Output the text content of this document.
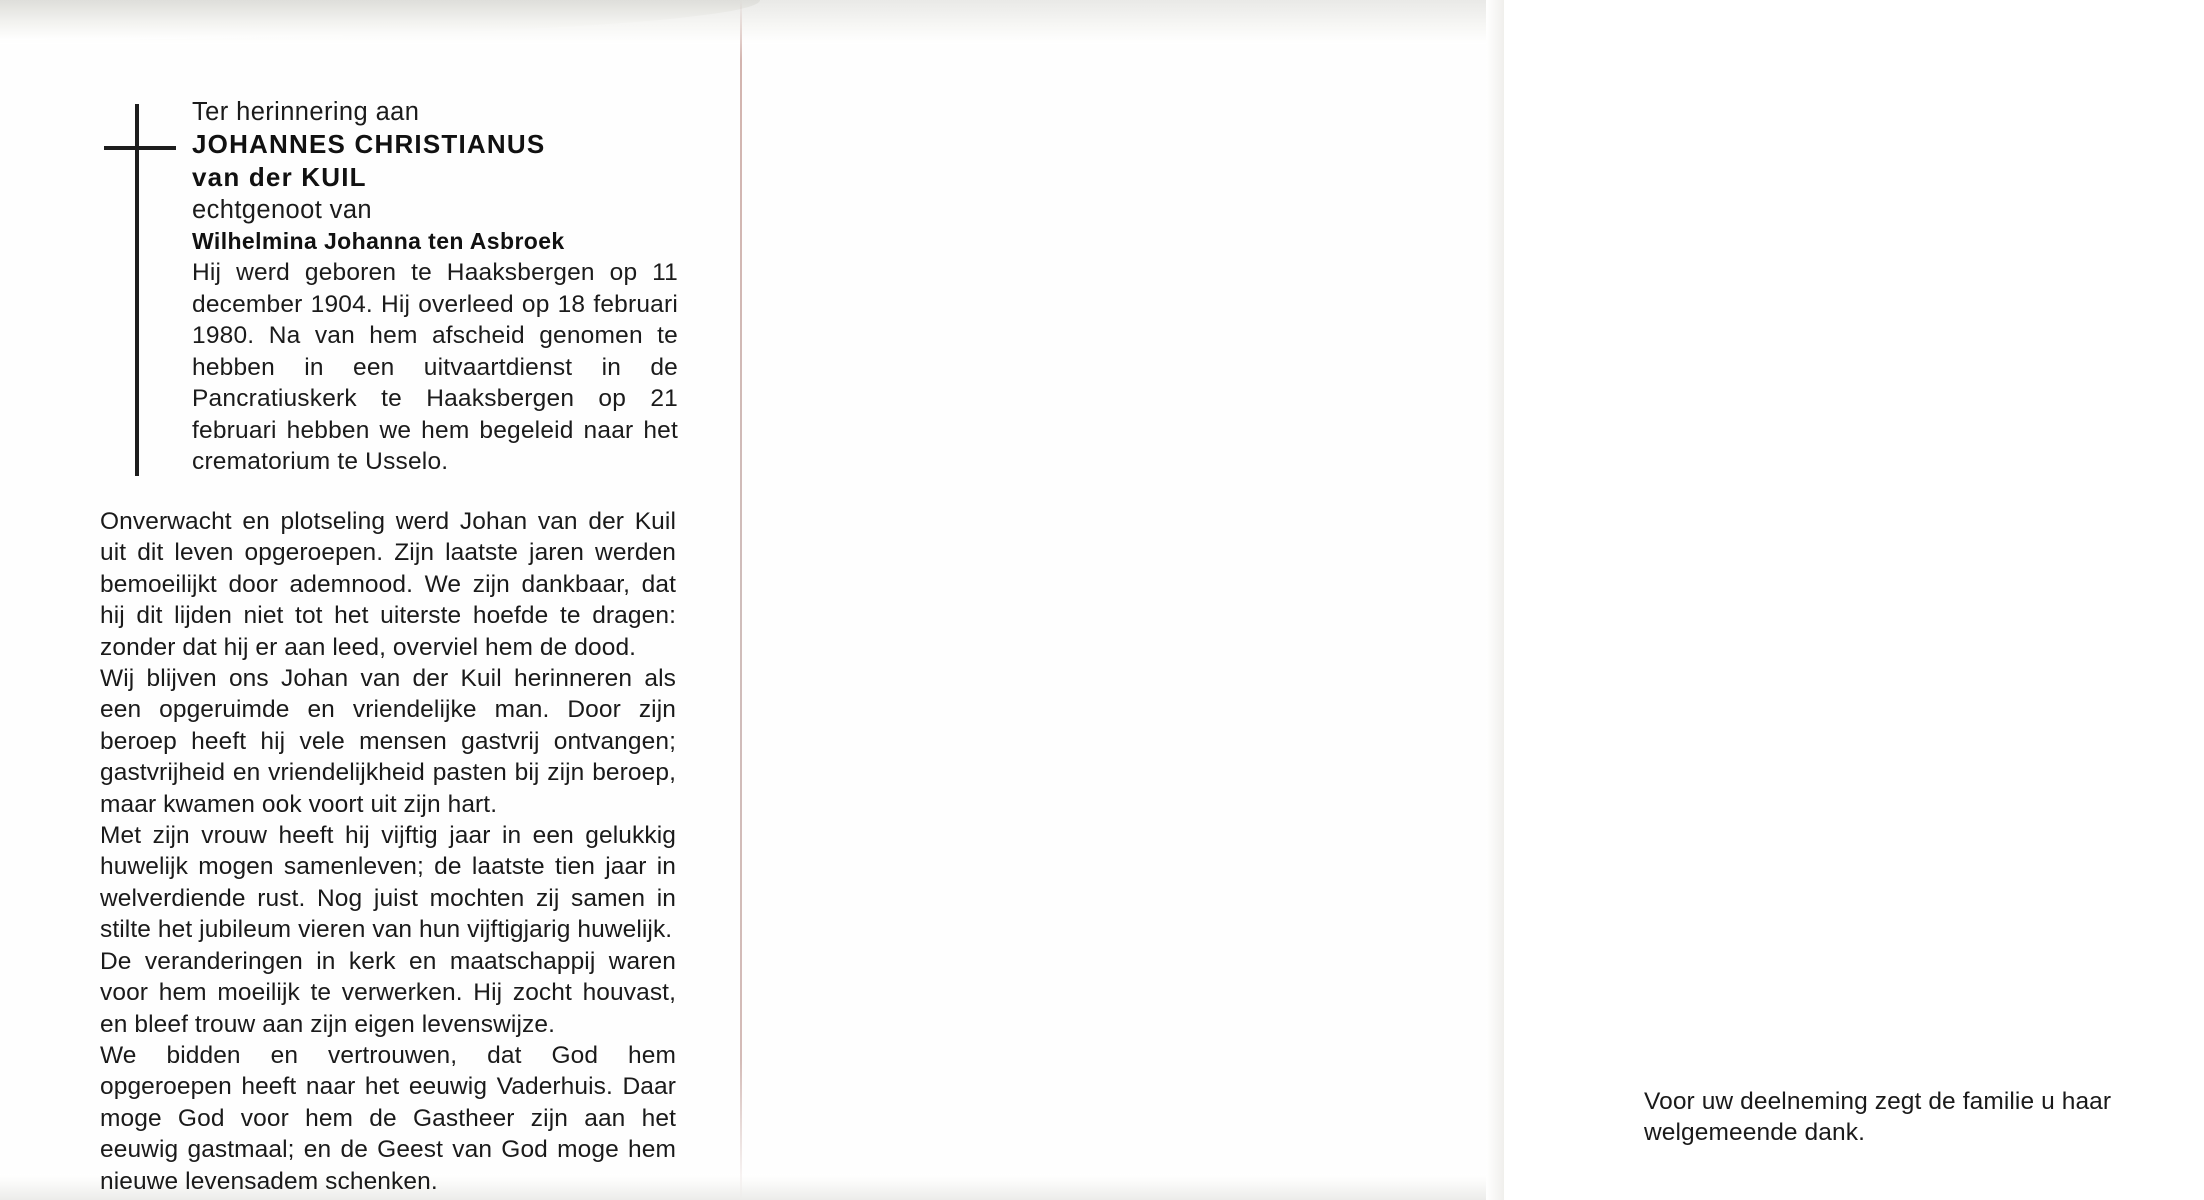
Ter herinnering aan
JOHANNES CHRISTIANUS
van der KUIL
echtgenoot van
Wilhelmina Johanna ten Asbroek
Hij werd geboren te Haaksbergen op 11 december 1904. Hij overleed op 18 februari 1980. Na van hem afscheid genomen te hebben in een uitvaartdienst in de Pancratiuskerk te Haaksbergen op 21 februari hebben we hem begeleid naar het crematorium te Usselo.

Onverwacht en plotseling werd Johan van der Kuil uit dit leven opgeroepen. Zijn laatste jaren werden bemoeilijkt door ademnood. We zijn dankbaar, dat hij dit lijden niet tot het uiterste hoefde te dragen: zonder dat hij er aan leed, overviel hem de dood.

Wij blijven ons Johan van der Kuil herinneren als een opgeruimde en vriendelijke man. Door zijn beroep heeft hij vele mensen gastvrij ontvangen; gastvrijheid en vriendelijkheid pasten bij zijn beroep, maar kwamen ook voort uit zijn hart.

Met zijn vrouw heeft hij vijftig jaar in een gelukkig huwelijk mogen samenleven; de laatste tien jaar in welverdiende rust. Nog juist mochten zij samen in stilte het jubileum vieren van hun vijftigjarig huwelijk.

De veranderingen in kerk en maatschappij waren voor hem moeilijk te verwerken. Hij zocht houvast, en bleef trouw aan zijn eigen levenswijze.

We bidden en vertrouwen, dat God hem opgeroepen heeft naar het eeuwig Vaderhuis. Daar moge God voor hem de Gastheer zijn aan het eeuwig gastmaal; en de Geest van God moge hem nieuwe levensadem schenken.

Voor uw deelneming zegt de familie u haar welgemeende dank.
